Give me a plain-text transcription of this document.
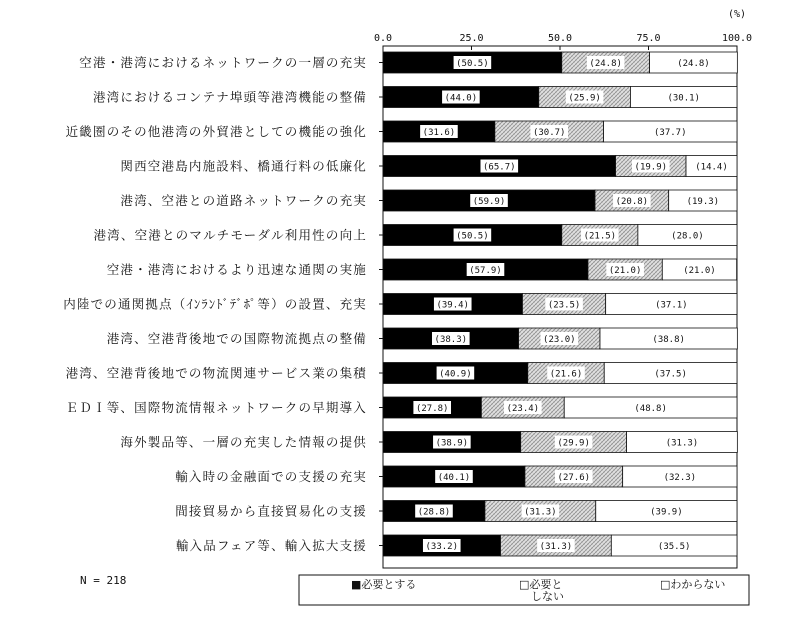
(%)
0.0	25.0	50.0	75.0	100.0
(50.5)	(24.8)	(24.8)
(44.0)	(25.9)	(30.1)
(31.6)	(30.7)	(37.7)
(65.7)	(19.9)	(14.4)
(59.9)	(20.8)	(19.3)
(50.5)	(21.5)	(28.0)
(57.9)	(21.0)	(21.0)
(39.4)	(23.5)	(37.1)
(38.3)	(23.0)	(38.8)
(40.9)	(21.6)	(37.5)
(27.8)	(23.4)	(48.8)
(38.9)	(29.9)	(31.3)
(40.1)	(27.6)	(32.3)
(28.8)	(31.3)	(39.9)
(33.2)	(31.3)	(35.5)
空港・港湾におけるネットワークの一層の充実
港湾におけるコンテナ埠頭等港湾機能の整備
近畿圏のその他港湾の外貿港としての機能の強化
関西空港島内施設料、橋通行料の低廉化
港湾、空港との道路ネットワークの充実
港湾、空港とのマルチモーダル利用性の向上
空港・港湾におけるより迅速な通関の実施
内陸での通関拠点（ｲﾝﾗﾝﾄﾞﾃﾞﾎﾟ等）の設置、充実
港湾、空港背後地での国際物流拠点の整備
港湾、空港背後地での物流関連サービス業の集積
ＥＤＩ等、国際物流情報ネットワークの早期導入
海外製品等、一層の充実した情報の提供
輸入時の金融面での支援の充実
間接貿易から直接貿易化の支援
輸入品フェア等、輸入拡大支援
N = 218	■必要とする	□必要と
しない
□わからない
